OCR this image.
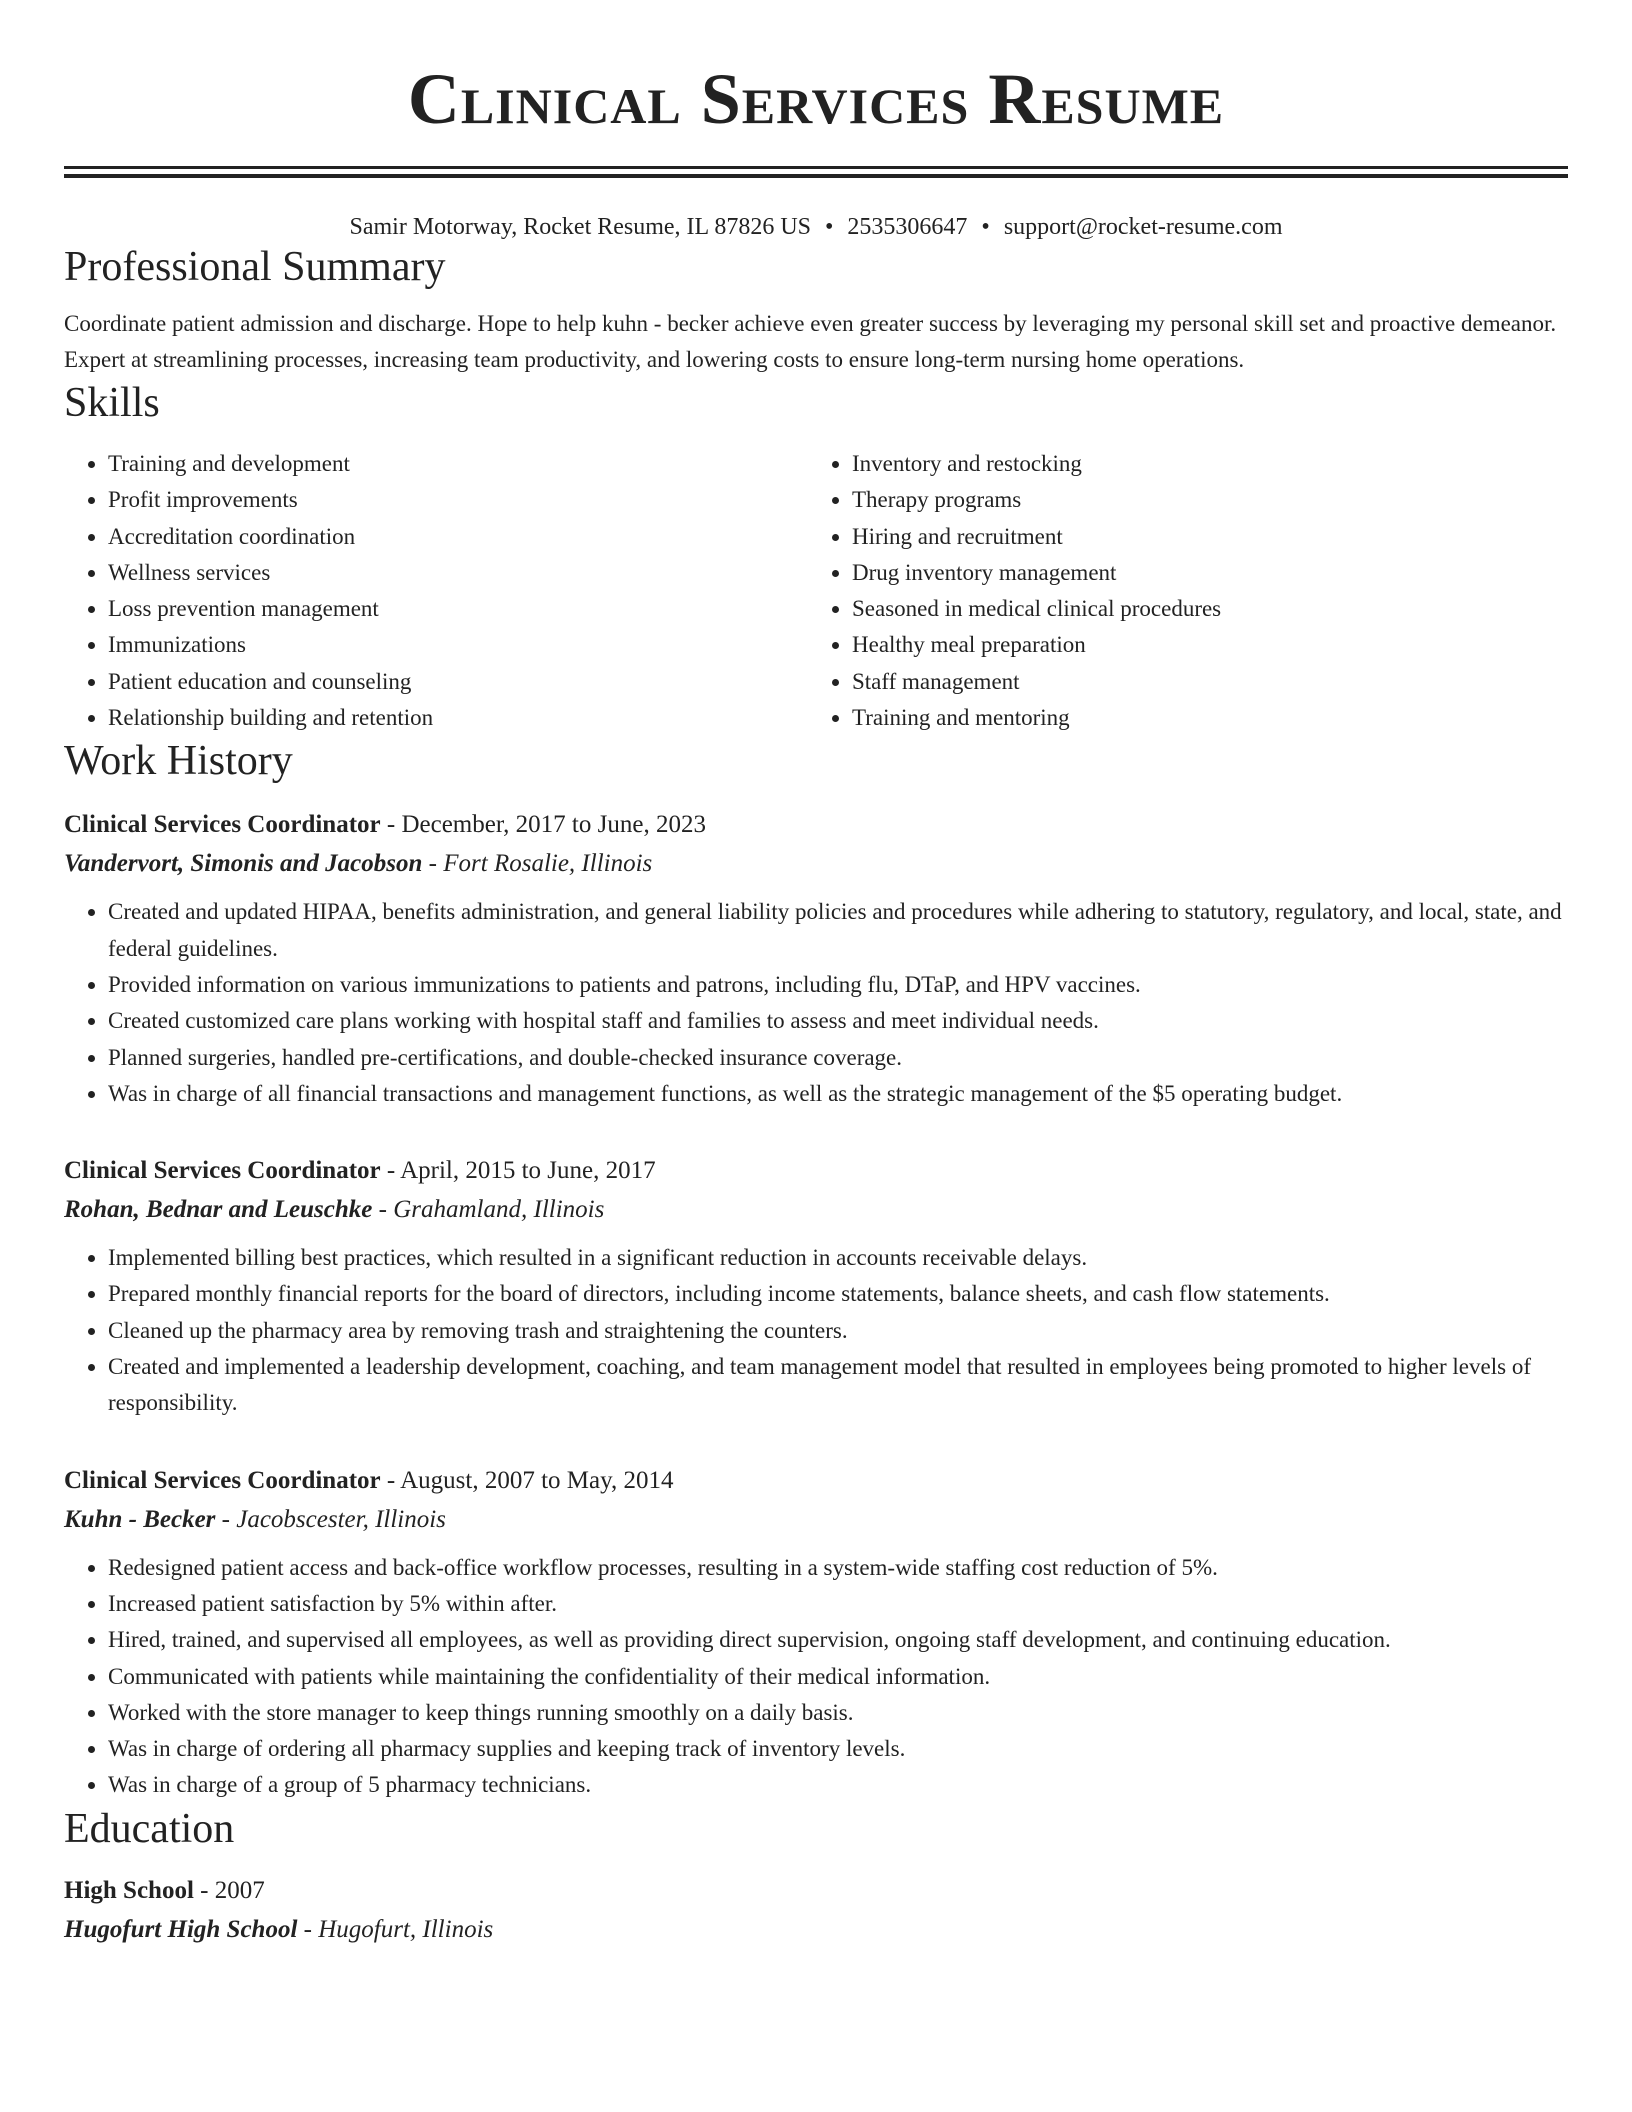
Clinical Services Resume
Samir Motorway, Rocket Resume, IL 87826 US • 2535306647 • support@rocket-resume.com
Professional Summary

Coordinate patient admission and discharge. Hope to help kuhn - becker achieve even greater success by leveraging my personal skill set and proactive demeanor. Expert at streamlining processes, increasing team productivity, and lowering costs to ensure long-term nursing home operations.

Skills
• Training and development
• Profit improvements
• Accreditation coordination
• Wellness services
• Loss prevention management
• Immunizations
• Patient education and counseling
• Relationship building and retention
• Inventory and restocking
• Therapy programs
• Hiring and recruitment
• Drug inventory management
• Seasoned in medical clinical procedures
• Healthy meal preparation
• Staff management
• Training and mentoring
Work History
Clinical Services Coordinator - December, 2017 to June, 2023
Vandervort, Simonis and Jacobson - Fort Rosalie, Illinois
• Created and updated HIPAA, benefits administration, and general liability policies and procedures while adhering to statutory, regulatory, and local, state, and federal guidelines.
• Provided information on various immunizations to patients and patrons, including flu, DTaP, and HPV vaccines.
• Created customized care plans working with hospital staff and families to assess and meet individual needs.
• Planned surgeries, handled pre-certifications, and double-checked insurance coverage.
• Was in charge of all financial transactions and management functions, as well as the strategic management of the $5 operating budget.
Clinical Services Coordinator - April, 2015 to June, 2017
Rohan, Bednar and Leuschke - Grahamland, Illinois
• Implemented billing best practices, which resulted in a significant reduction in accounts receivable delays.
• Prepared monthly financial reports for the board of directors, including income statements, balance sheets, and cash flow statements.
• Cleaned up the pharmacy area by removing trash and straightening the counters.
• Created and implemented a leadership development, coaching, and team management model that resulted in employees being promoted to higher levels of responsibility.
Clinical Services Coordinator - August, 2007 to May, 2014
Kuhn - Becker - Jacobscester, Illinois
• Redesigned patient access and back-office workflow processes, resulting in a system-wide staffing cost reduction of 5%.
• Increased patient satisfaction by 5% within after.
• Hired, trained, and supervised all employees, as well as providing direct supervision, ongoing staff development, and continuing education.
• Communicated with patients while maintaining the confidentiality of their medical information.
• Worked with the store manager to keep things running smoothly on a daily basis.
• Was in charge of ordering all pharmacy supplies and keeping track of inventory levels.
• Was in charge of a group of 5 pharmacy technicians.
Education
High School - 2007
Hugofurt High School - Hugofurt, Illinois
